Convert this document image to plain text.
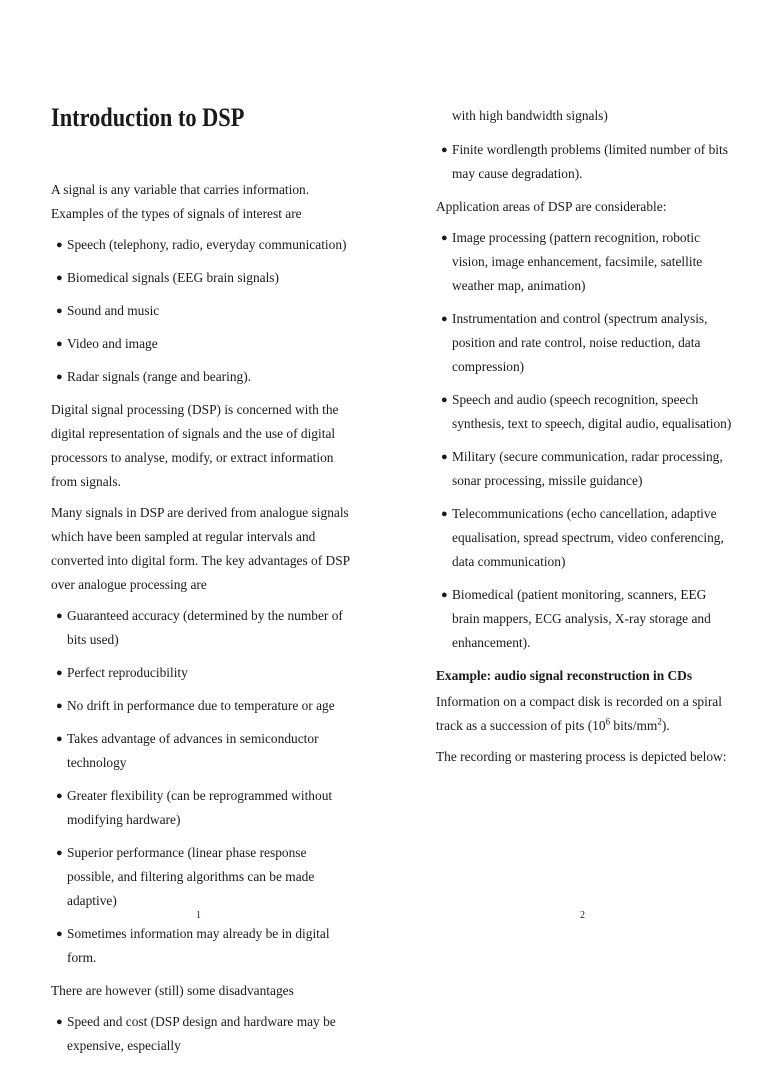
Introduction to DSP

A signal is any variable that carries information. Examples of the types of signals of interest are

● Speech (telephony, radio, everyday communication)
● Biomedical signals (EEG brain signals)
● Sound and music
● Video and image
● Radar signals (range and bearing).

Digital signal processing (DSP) is concerned with the digital representation of signals and the use of digital processors to analyse, modify, or extract information from signals.

Many signals in DSP are derived from analogue signals which have been sampled at regular intervals and converted into digital form. The key advantages of DSP over analogue processing are

● Guaranteed accuracy (determined by the number of bits used)
● Perfect reproducibility
● No drift in performance due to temperature or age
● Takes advantage of advances in semiconductor technology
● Greater flexibility (can be reprogrammed without modifying hardware)
● Superior performance (linear phase response possible, and filtering algorithms can be made adaptive)
● Sometimes information may already be in digital form.

There are however (still) some disadvantages

● Speed and cost (DSP design and hardware may be expensive, especially
1
with high bandwidth signals)
● Finite wordlength problems (limited number of bits may cause degradation).

Application areas of DSP are considerable:

● Image processing (pattern recognition, robotic vision, image enhancement, facsimile, satellite weather map, animation)
● Instrumentation and control (spectrum analysis, position and rate control, noise reduction, data compression)
● Speech and audio (speech recognition, speech synthesis, text to speech, digital audio, equalisation)
● Military (secure communication, radar processing, sonar processing, missile guidance)
● Telecommunications (echo cancellation, adaptive equalisation, spread spectrum, video conferencing, data communication)
● Biomedical (patient monitoring, scanners, EEG brain mappers, ECG analysis, X-ray storage and enhancement).

Example: audio signal reconstruction in CDs

Information on a compact disk is recorded on a spiral track as a succession of pits ($10^6$ bits/$mm^2$).

The recording or mastering process is depicted below:

2
